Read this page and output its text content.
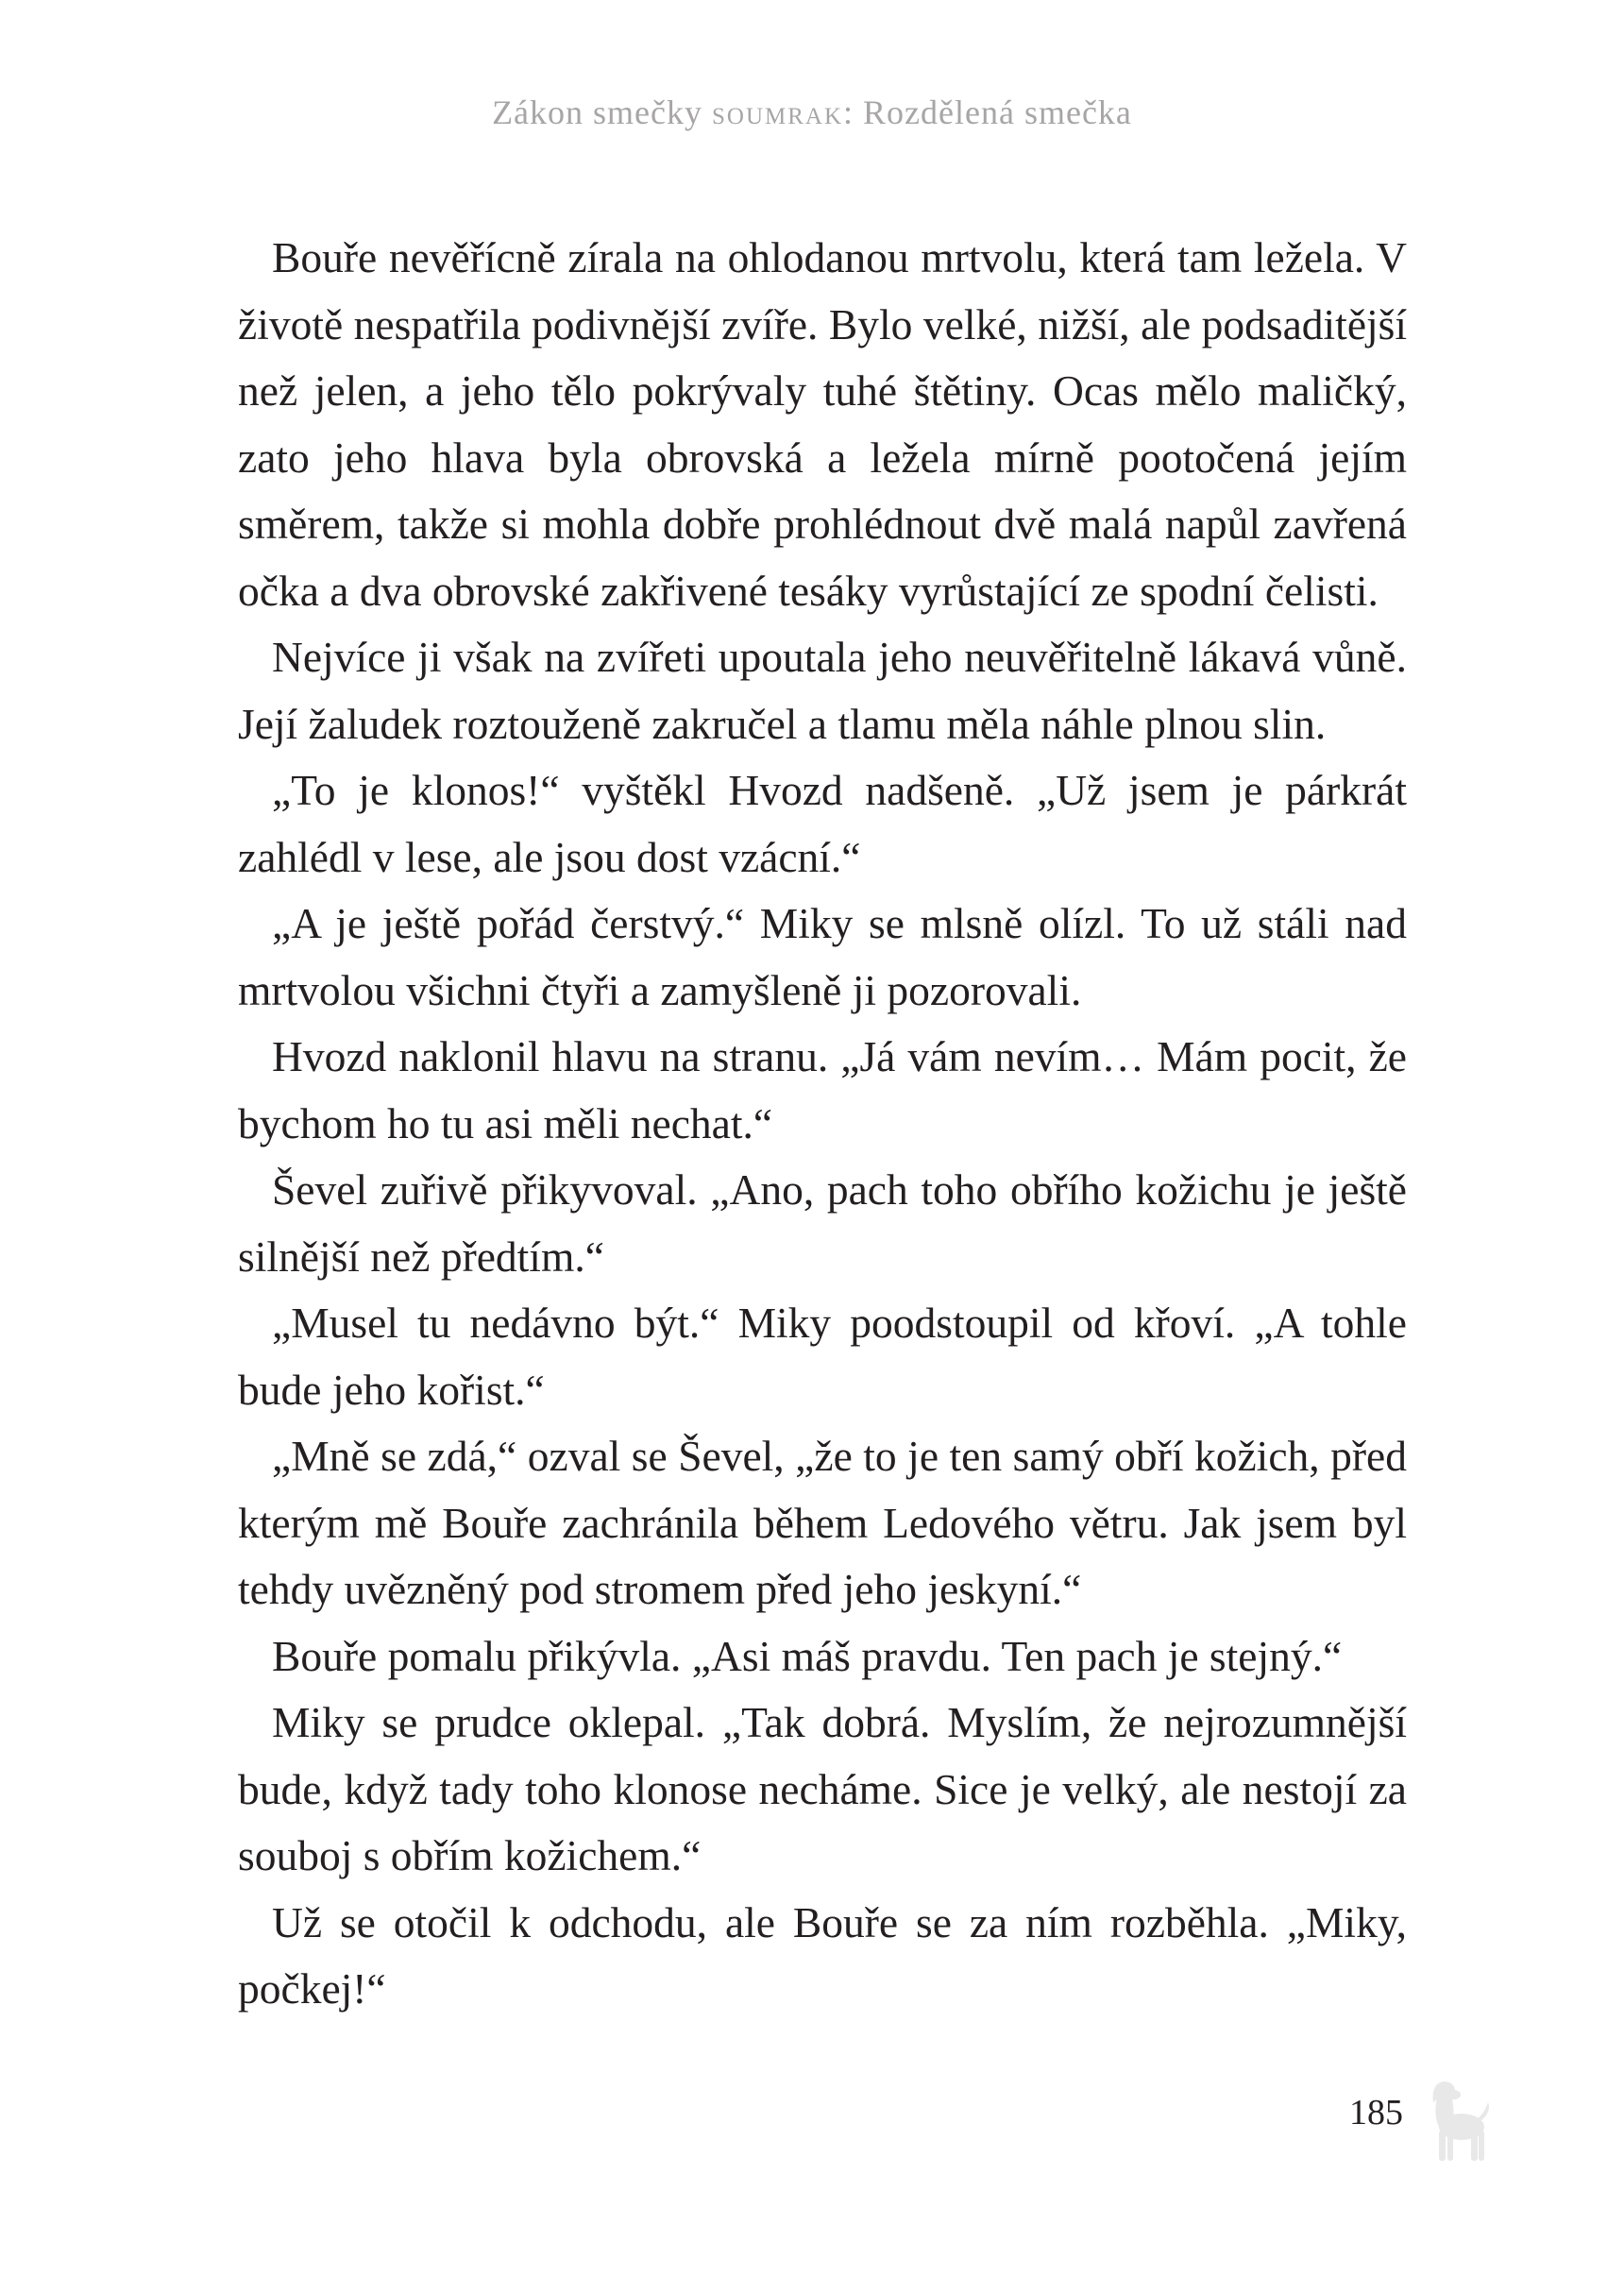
Zákon smečky soumrak: Rozdělená smečka

Bouře nevěřícně zírala na ohlodanou mrtvolu, která tam ležela. V životě nespatřila podivnější zvíře. Bylo velké, nižší, ale podsaditější než jelen, a jeho tělo pokrývaly tuhé štětiny. Ocas mělo maličký, zato jeho hlava byla obrovská a ležela mírně pootočená jejím směrem, takže si mohla dobře prohlédnout dvě malá napůl zavřená očka a dva obrovské zakřivené tesáky vyrůstající ze spodní čelisti.

Nejvíce ji však na zvířeti upoutala jeho neuvěřitelně lákavá vůně. Její žaludek roztouženě zakručel a tlamu měla náhle plnou slin.

„To je klonos!“ vyštěkl Hvozd nadšeně. „Už jsem je párkrát zahlédl v lese, ale jsou dost vzácní.“

„A je ještě pořád čerstvý.“ Miky se mlsně olízl. To už stáli nad mrtvolou všichni čtyři a zamyšleně ji pozorovali.

Hvozd naklonil hlavu na stranu. „Já vám nevím… Mám pocit, že bychom ho tu asi měli nechat.“

Ševel zuřivě přikyvoval. „Ano, pach toho obřího kožichu je ještě silnější než předtím.“

„Musel tu nedávno být.“ Miky poodstoupil od křoví. „A tohle bude jeho kořist.“

„Mně se zdá,“ ozval se Ševel, „že to je ten samý obří kožich, před kterým mě Bouře zachránila během Ledového větru. Jak jsem byl tehdy uvězněný pod stromem před jeho jeskyní.“

Bouře pomalu přikývla. „Asi máš pravdu. Ten pach je stejný.“

Miky se prudce oklepal. „Tak dobrá. Myslím, že nejrozumnější bude, když tady toho klonose necháme. Sice je velký, ale nestojí za souboj s obřím kožichem.“

Už se otočil k odchodu, ale Bouře se za ním rozběhla. „Miky, počkej!“

185
